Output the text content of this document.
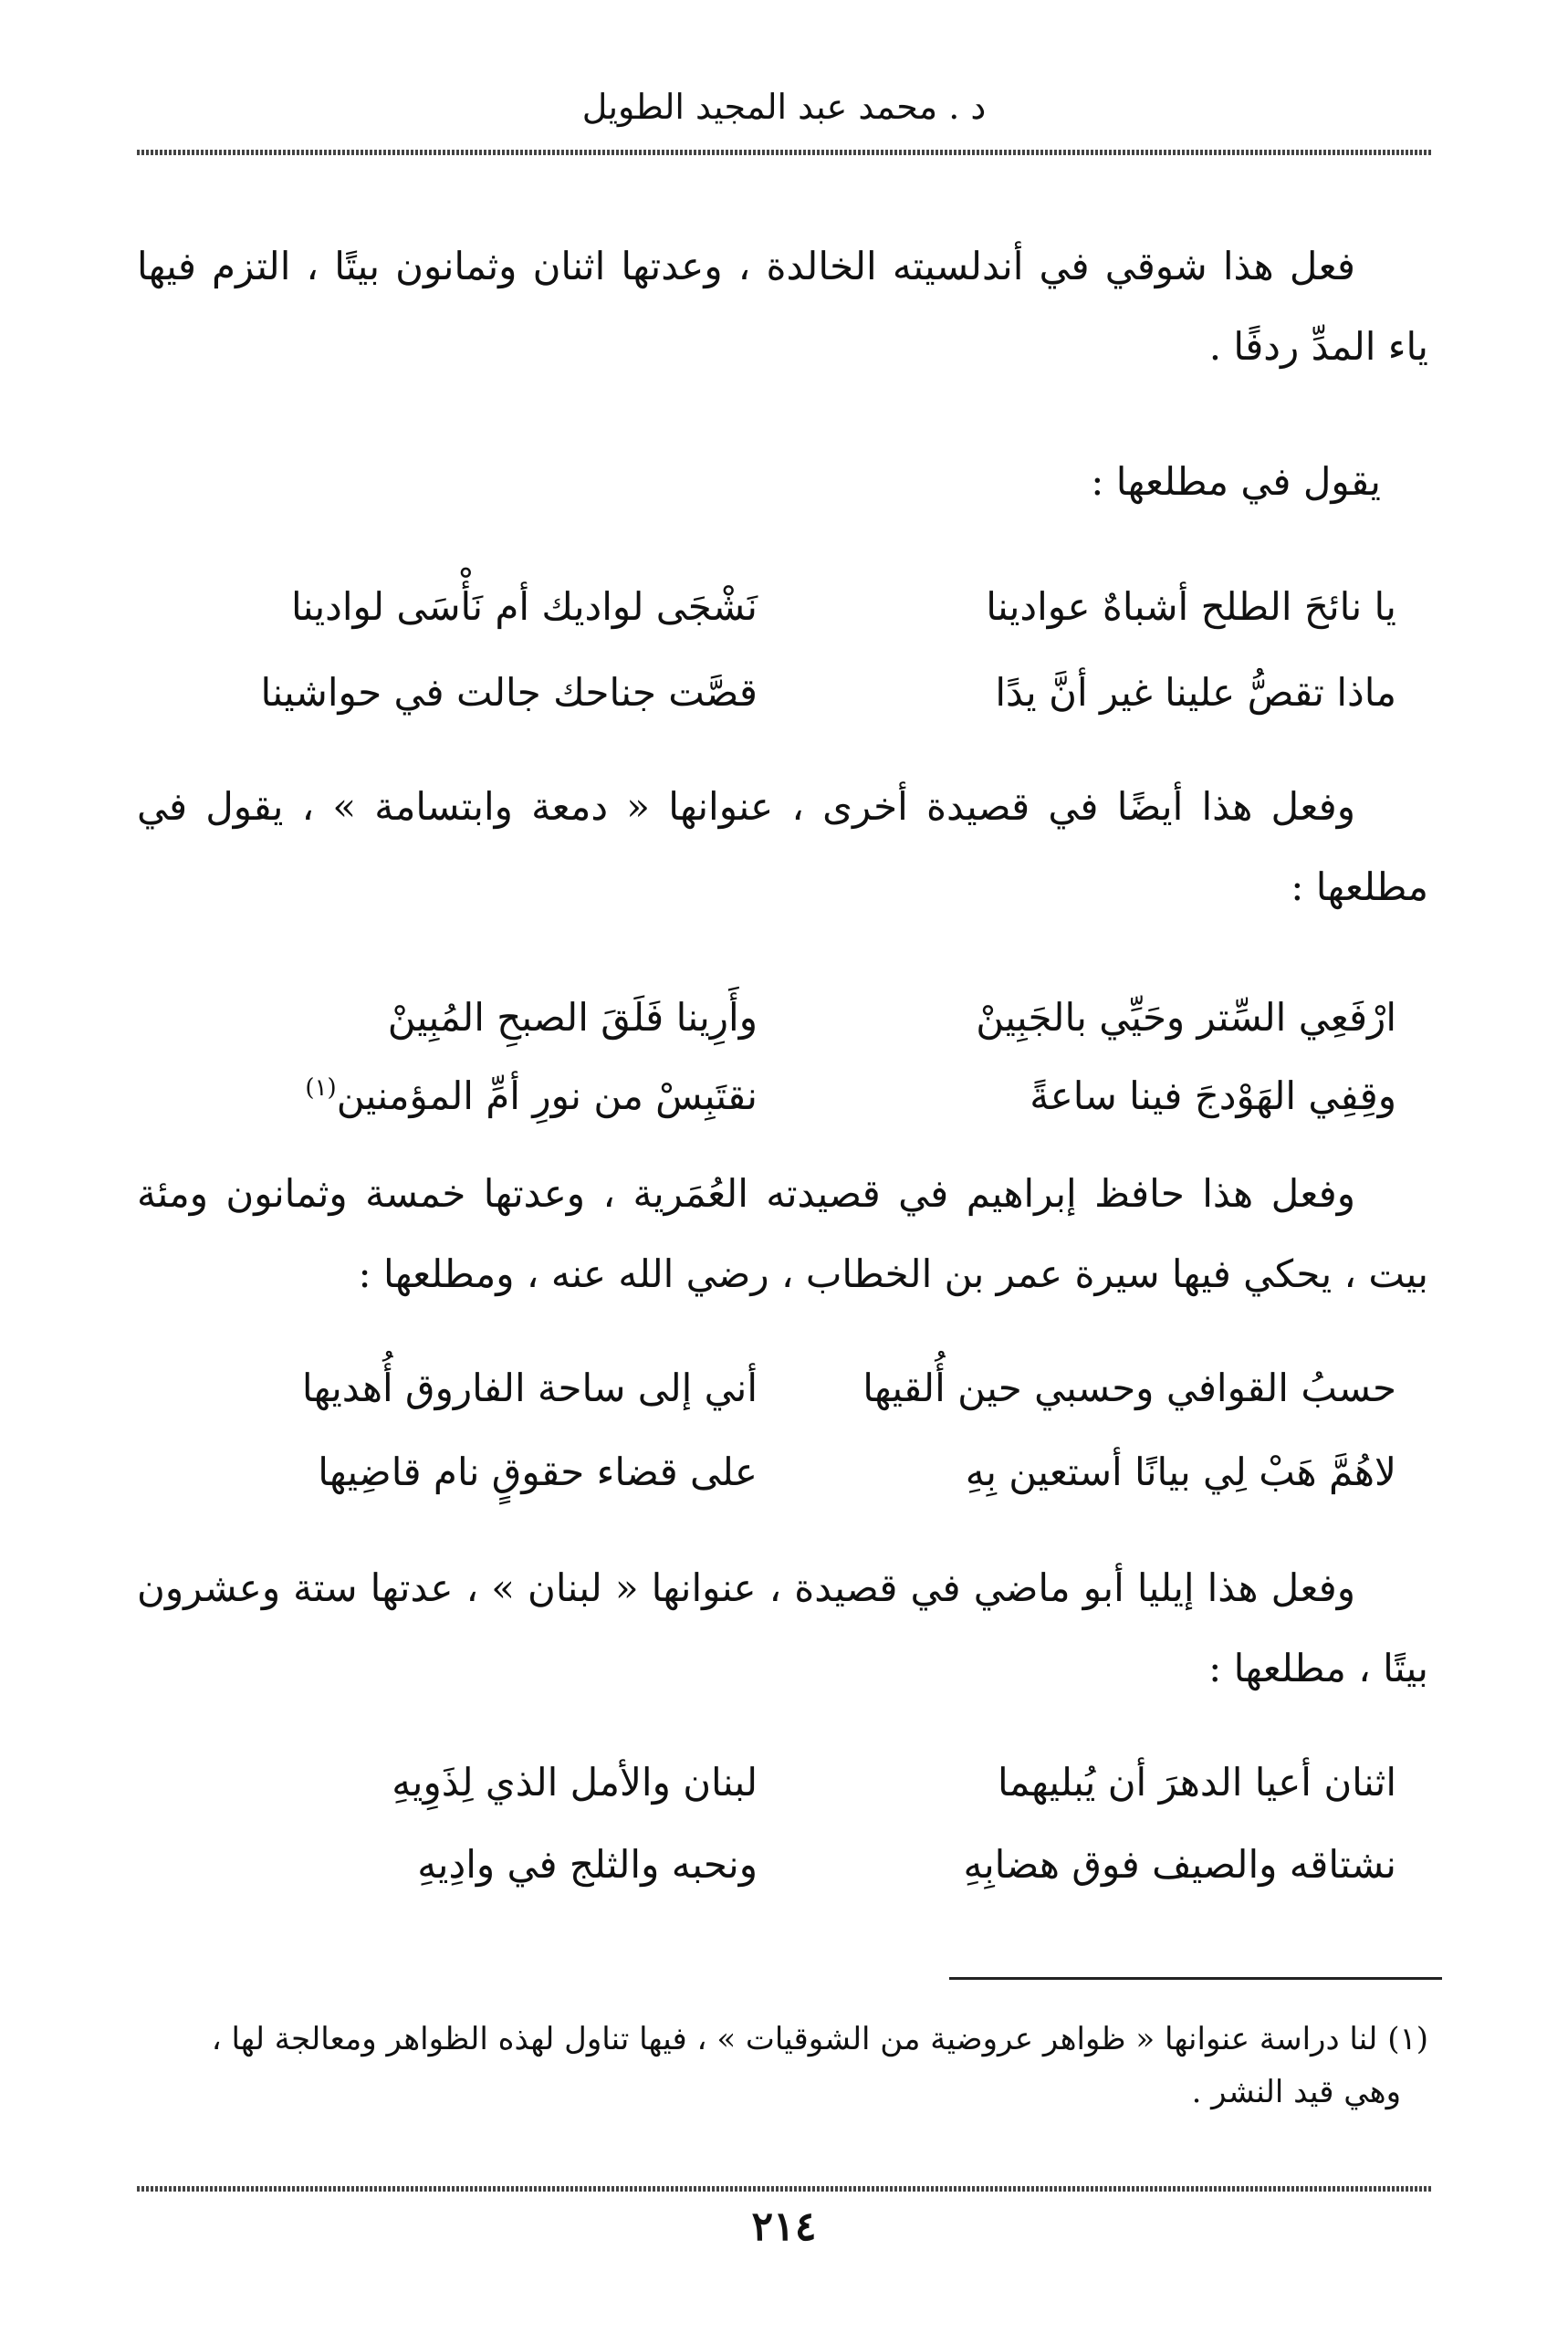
د . محمد عبد المجيد الطويل
فعل هذا شوقي في أندلسيته الخالدة ، وعدتها اثنان وثمانون بيتًا ، التزم فيها ياء المدِّ ردفًا .
يقول في مطلعها :
يا نائحَ الطلح أشباهٌ عوادينا
نَشْجَى لواديك أم نَأْسَى لوادينا
ماذا تقصُّ علينا غير أنَّ يدًا
قصَّت جناحك جالت في حواشينا
وفعل هذا أيضًا في قصيدة أخرى ، عنوانها « دمعة وابتسامة » ، يقول في مطلعها :
ارْفَعِي السِّتر وحَيِّي بالجَبِينْ
وأَرِينا فَلَقَ الصبحِ المُبِينْ
وقِفِي الهَوْدجَ فينا ساعةً
نقتَبِسْ من نورِ أمِّ المؤمنين$^{(١)}$
وفعل هذا حافظ إبراهيم في قصيدته العُمَرية ، وعدتها خمسة وثمانون ومئة بيت ، يحكي فيها سيرة عمر بن الخطاب ، رضي الله عنه ، ومطلعها :
حسبُ القوافي وحسبي حين أُلقيها
أني إلى ساحة الفاروق أُهديها
لاهُمَّ هَبْ لِي بيانًا أستعين بِهِ
على قضاء حقوقٍ نام قاضِيها
وفعل هذا إيليا أبو ماضي في قصيدة ، عنوانها « لبنان » ، عدتها ستة وعشرون بيتًا ، مطلعها :
اثنان أعيا الدهرَ أن يُبليهما
لبنان والأمل الذي لِذَوِيهِ
نشتاقه والصيف فوق هضابِهِ
ونحبه والثلج في وادِيهِ
(١) لنا دراسة عنوانها « ظواهر عروضية من الشوقيات » ، فيها تناول لهذه الظواهر ومعالجة لها ،
وهي قيد النشر .
٢١٤
